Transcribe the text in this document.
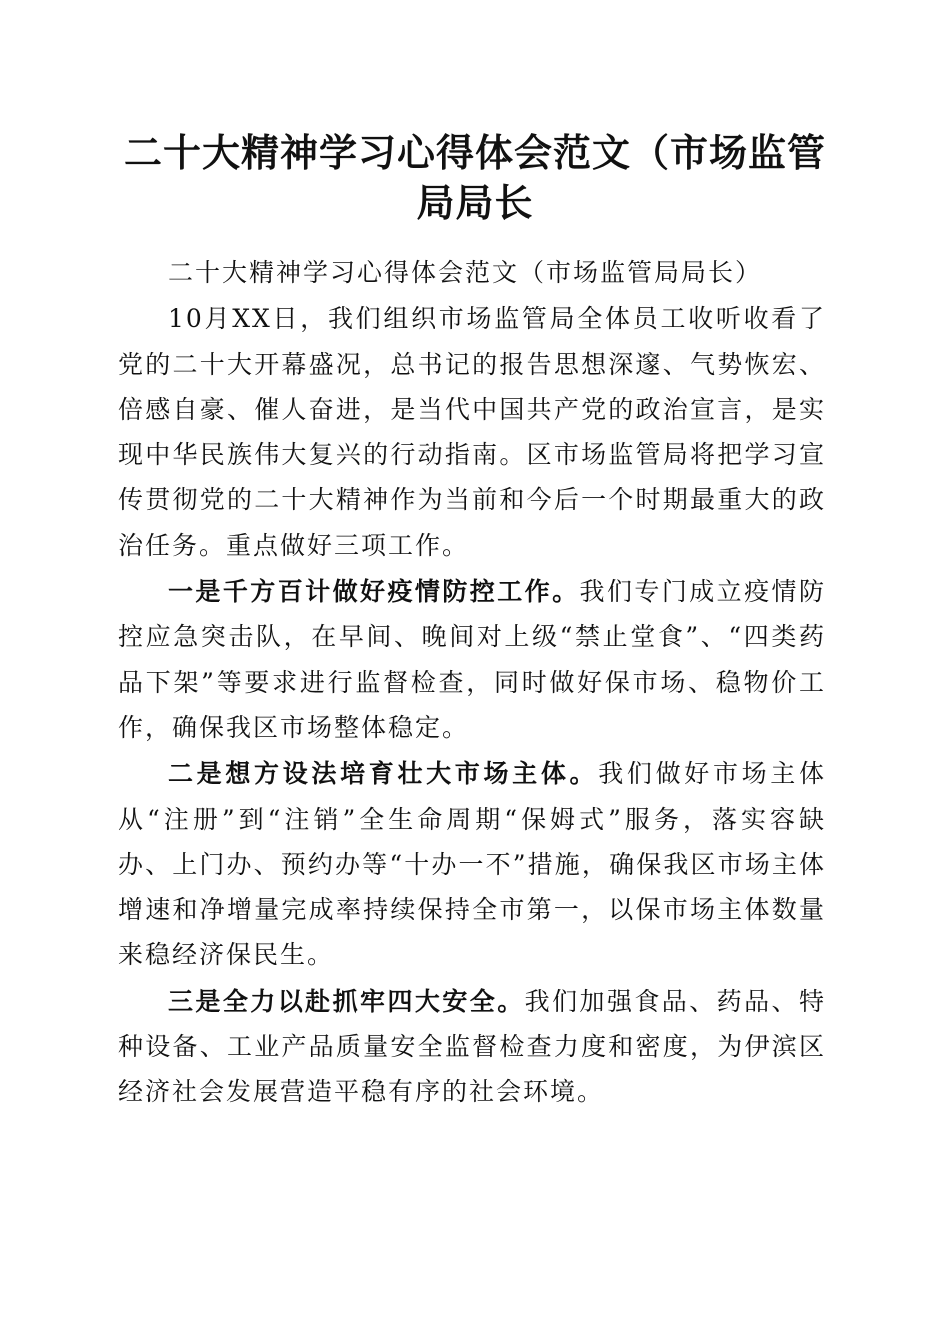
二十大精神学习心得体会范文（市场监管局局长

二十大精神学习心得体会范文（市场监管局局长）

10月XX日，我们组织市场监管局全体员工收听收看了党的二十大开幕盛况，总书记的报告思想深邃、气势恢宏、倍感自豪、催人奋进，是当代中国共产党的政治宣言，是实现中华民族伟大复兴的行动指南。区市场监管局将把学习宣传贯彻党的二十大精神作为当前和今后一个时期最重大的政治任务。重点做好三项工作。

一是千方百计做好疫情防控工作。我们专门成立疫情防控应急突击队，在早间、晚间对上级“禁止堂食”、“四类药品下架”等要求进行监督检查，同时做好保市场、稳物价工作，确保我区市场整体稳定。

二是想方设法培育壮大市场主体。我们做好市场主体从“注册”到“注销”全生命周期“保姆式”服务，落实容缺办、上门办、预约办等“十办一不”措施，确保我区市场主体增速和净增量完成率持续保持全市第一，以保市场主体数量来稳经济保民生。

三是全力以赴抓牢四大安全。我们加强食品、药品、特种设备、工业产品质量安全监督检查力度和密度，为伊滨区经济社会发展营造平稳有序的社会环境。
